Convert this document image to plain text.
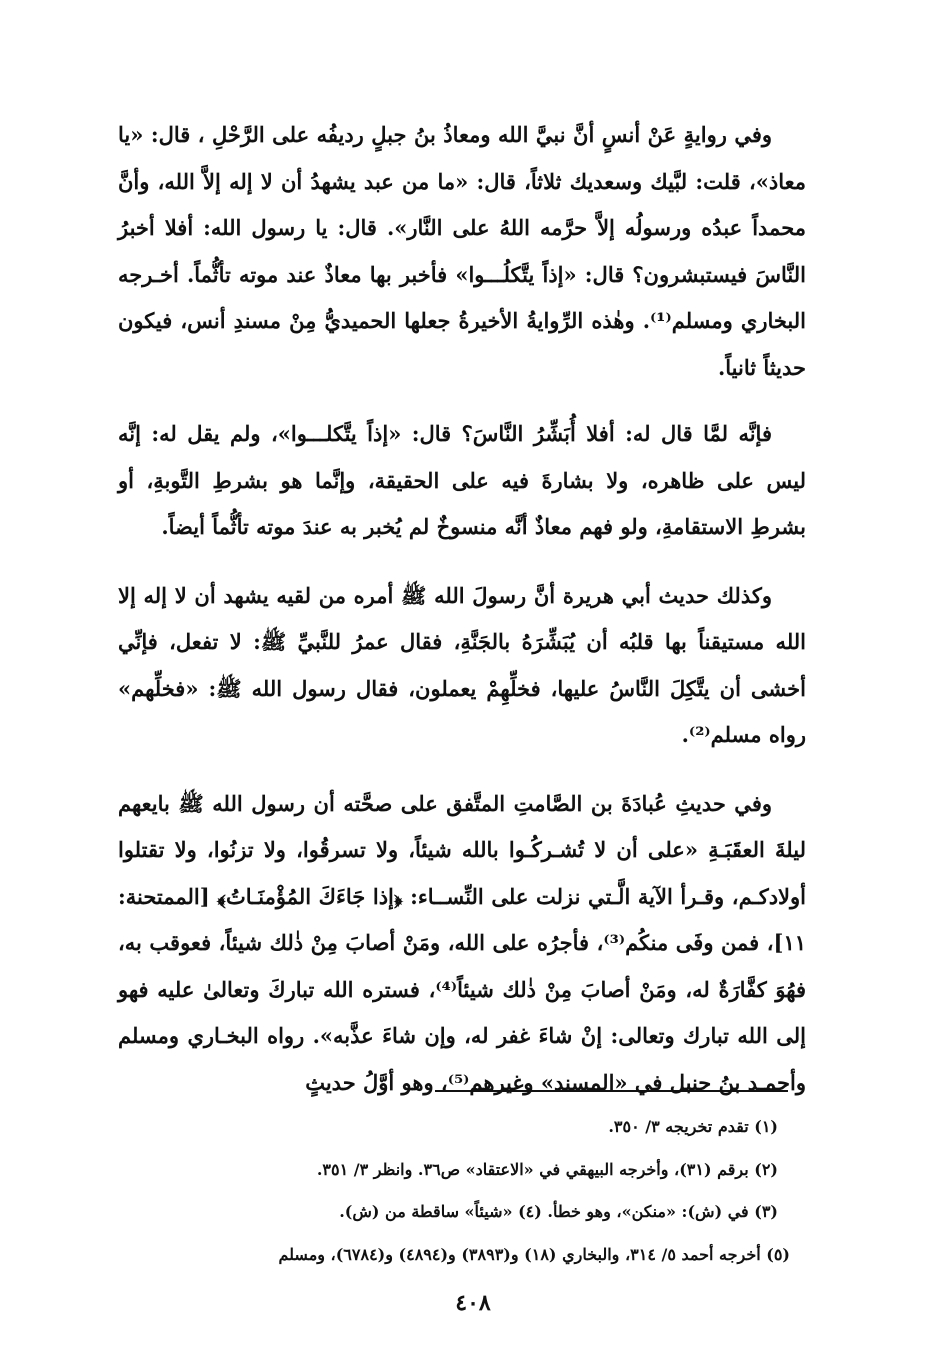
وفي روايةٍ عَنْ أنسٍ أنَّ نبيَّ الله ومعاذُ بنُ جبلٍ رديفُه على الرَّحْلِ ، قال: «يا معاذ»، قلت: لبَّيك وسعديك ثلاثاً، قال: «ما من عبد يشهدُ أن لا إله إلاَّ الله، وأنَّ محمداً عبدُه ورسولُه إلاَّ حرَّمه اللهُ على النَّار». قال: يا رسول الله: أفلا أخبرُ النَّاسَ فيستبشرون؟ قال: «إذاً يتَّكلُـــوا» فأخبر بها معاذٌ عند موته تأثُّماً. أخـرجه البخاري ومسلم⁽¹⁾. وهٰذه الرِّوايةُ الأخيرةُ جعلها الحميديُّ مِنْ مسندِ أنس، فيكون حديثاً ثانياً.

فإنَّه لمَّا قال له: أفلا أُبَشِّرُ النَّاسَ؟ قال: «إذاً يتَّكلـــوا»، ولم يقل له: إنَّه ليس على ظاهره، ولا بشارةَ فيه على الحقيقة، وإنَّما هو بشرطِ التَّوبةِ، أو بشرطِ الاستقامةِ، ولو فهم معاذٌ أنَّه منسوخٌ لم يُخبر به عندَ موته تأثُّماً أيضاً.

وكذلك حديث أبي هريرة أنَّ رسولَ الله ﷺ أمره من لقيه يشهد أن لا إله إلا الله مستيقناً بها قلبُه أن يُبَشِّرَهُ بالجَنَّةِ، فقال عمرُ للنَّبيِّ ﷺ: لا تفعل، فإنِّي أخشى أن يتَّكِلَ النَّاسُ عليها، فخلِّهِمْ يعملون، فقال رسول الله ﷺ: «فخلِّهم» رواه مسلم⁽²⁾.

وفي حديثِ عُبادَةَ بن الصَّامتِ المتَّفق على صحَّته أن رسول الله ﷺ بايعهم ليلةَ العقَبَـةِ «على أن لا تُشـركُـوا بالله شيئاً، ولا تسرقُوا، ولا تزنُوا، ولا تقتلوا أولادكـم، وقـرأ الآية الَّـتي نزلت على النِّســاء: ﴿إذا جَاءَكَ المُؤْمنَـاتُ﴾ [الممتحنة: ١١]، فمن وفَى منكُم⁽³⁾، فأجرُه على الله، ومَنْ أصابَ مِنْ ذٰلك شيئاً، فعوقب به، فهُوَ كفَّارَةٌ له، ومَنْ أصابَ مِنْ ذٰلك شيئاً⁽⁴⁾، فستره الله تباركَ وتعالىٰ عليه فهو إلى الله تبارك وتعالى: إنْ شاءَ غفر له، وإن شاءَ عذَّبه». رواه البخـاري ومسلم وأحمـد بنُ حنبل في «المسند» وغيرهم⁽⁵⁾، وهو أوَّلُ حديثٍ

(١) تقدم تخريجه ٣/ ٣٥٠.

(٢) برقم (٣١)، وأخرجه البيهقي في «الاعتقاد» ص٣٦. وانظر ٣/ ٣٥١.

(٣) في (ش): «منكن»، وهو خطأ. (٤) «شيئاً» ساقطة من (ش).

(٥) أخرجه أحمد ٥/ ٣١٤، والبخاري (١٨) و(٣٨٩٣) و(٤٨٩٤) و(٦٧٨٤)، ومسلم

٤٠٨
